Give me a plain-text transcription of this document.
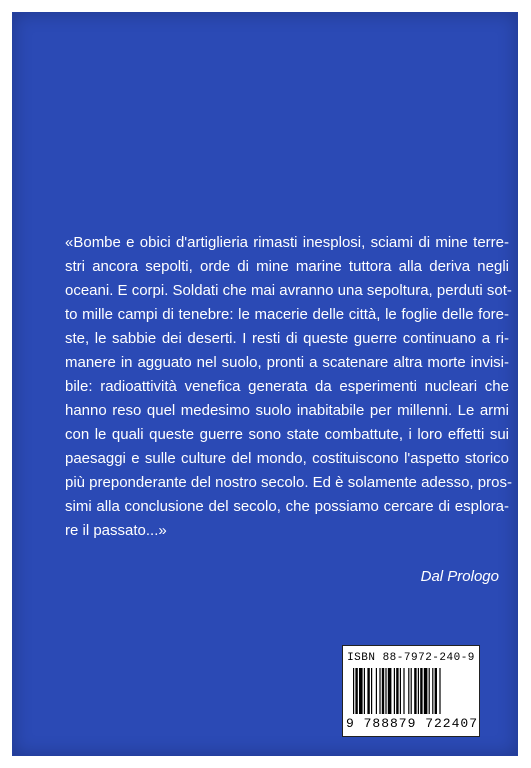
«Bombe e obici d'artiglieria rimasti inesplosi, sciami di mine terre-
stri ancora sepolti, orde di mine marine tuttora alla deriva negli
oceani. E corpi. Soldati che mai avranno una sepoltura, perduti sot-
to mille campi di tenebre: le macerie delle città, le foglie delle fore-
ste, le sabbie dei deserti. I resti di queste guerre continuano a ri-
manere in agguato nel suolo, pronti a scatenare altra morte invisi-
bile: radioattività venefica generata da esperimenti nucleari che
hanno reso quel medesimo suolo inabitabile per millenni. Le armi
con le quali queste guerre sono state combattute, i loro effetti sui
paesaggi e sulle culture del mondo, costituiscono l'aspetto storico
più preponderante del nostro secolo. Ed è solamente adesso, pros-
simi alla conclusione del secolo, che possiamo cercare di esplora-
re il passato...»

Dal Prologo

ISBN 88-7972-240-9
9 788879 722407
